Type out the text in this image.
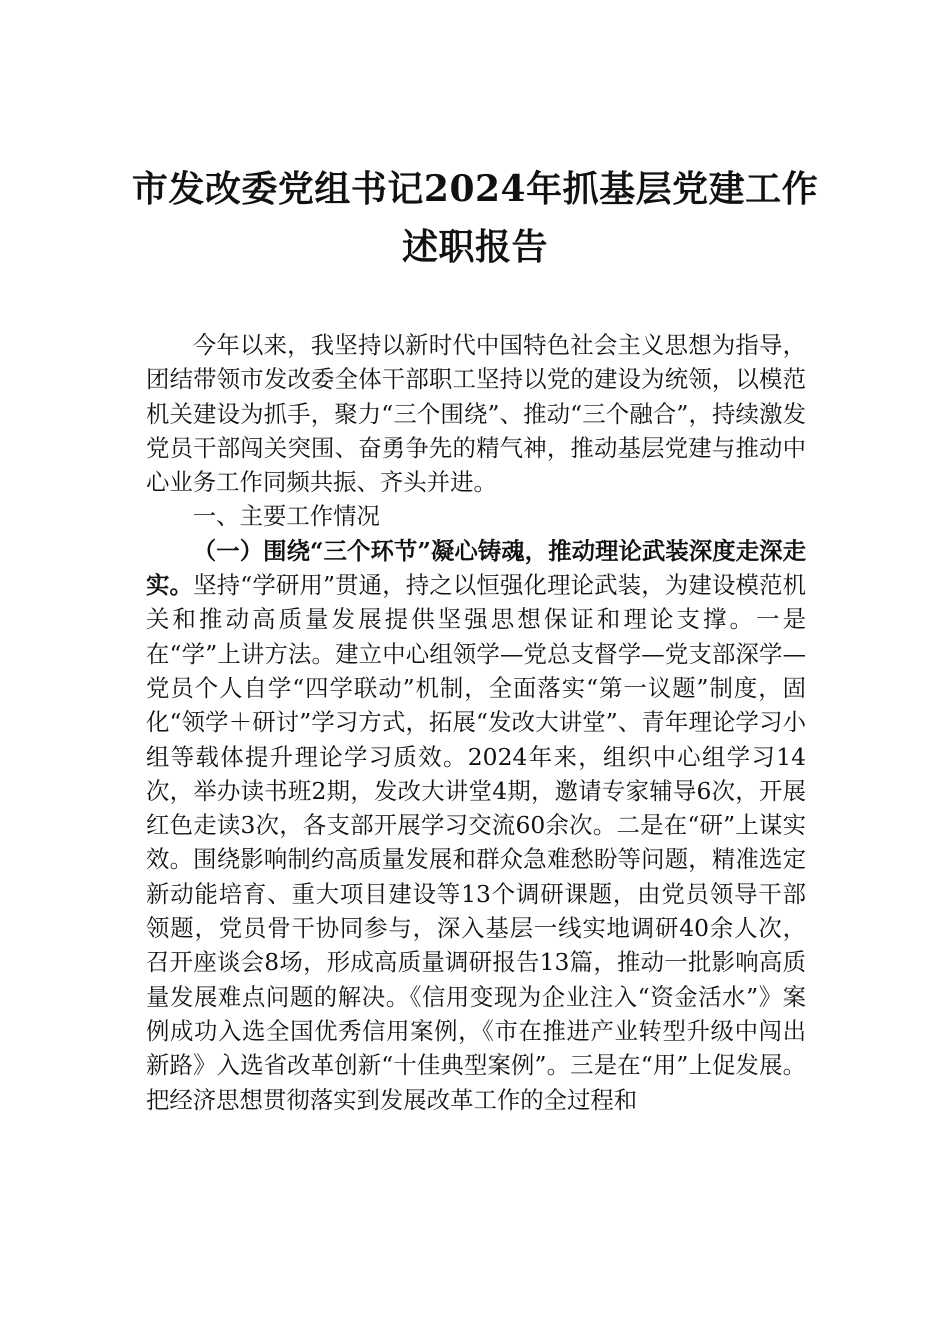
市发改委党组书记2024年抓基层党建工作
述职报告

今年以来，我坚持以新时代中国特色社会主义思想为指导，团结带领市发改委全体干部职工坚持以党的建设为统领，以模范机关建设为抓手，聚力“三个围绕”、推动“三个融合”，持续激发党员干部闯关突围、奋勇争先的精气神，推动基层党建与推动中心业务工作同频共振、齐头并进。

一、主要工作情况

（一）围绕“三个环节”凝心铸魂，推动理论武装深度走深走实。坚持“学研用”贯通，持之以恒强化理论武装，为建设模范机关和推动高质量发展提供坚强思想保证和理论支撑。一是在“学”上讲方法。建立中心组领学—党总支督学—党支部深学—党员个人自学“四学联动”机制，全面落实“第一议题”制度，固化“领学＋研讨”学习方式，拓展“发改大讲堂”、青年理论学习小组等载体提升理论学习质效。2024年来，组织中心组学习14次，举办读书班2期，发改大讲堂4期，邀请专家辅导6次，开展红色走读3次，各支部开展学习交流60余次。二是在“研”上谋实效。围绕影响制约高质量发展和群众急难愁盼等问题，精准选定新动能培育、重大项目建设等13个调研课题，由党员领导干部领题，党员骨干协同参与，深入基层一线实地调研40余人次，召开座谈会8场，形成高质量调研报告13篇，推动一批影响高质量发展难点问题的解决。《信用变现为企业注入“资金活水”》案例成功入选全国优秀信用案例，《市在推进产业转型升级中闯出新路》入选省改革创新“十佳典型案例”。三是在“用”上促发展。把经济思想贯彻落实到发展改革工作的全过程和
